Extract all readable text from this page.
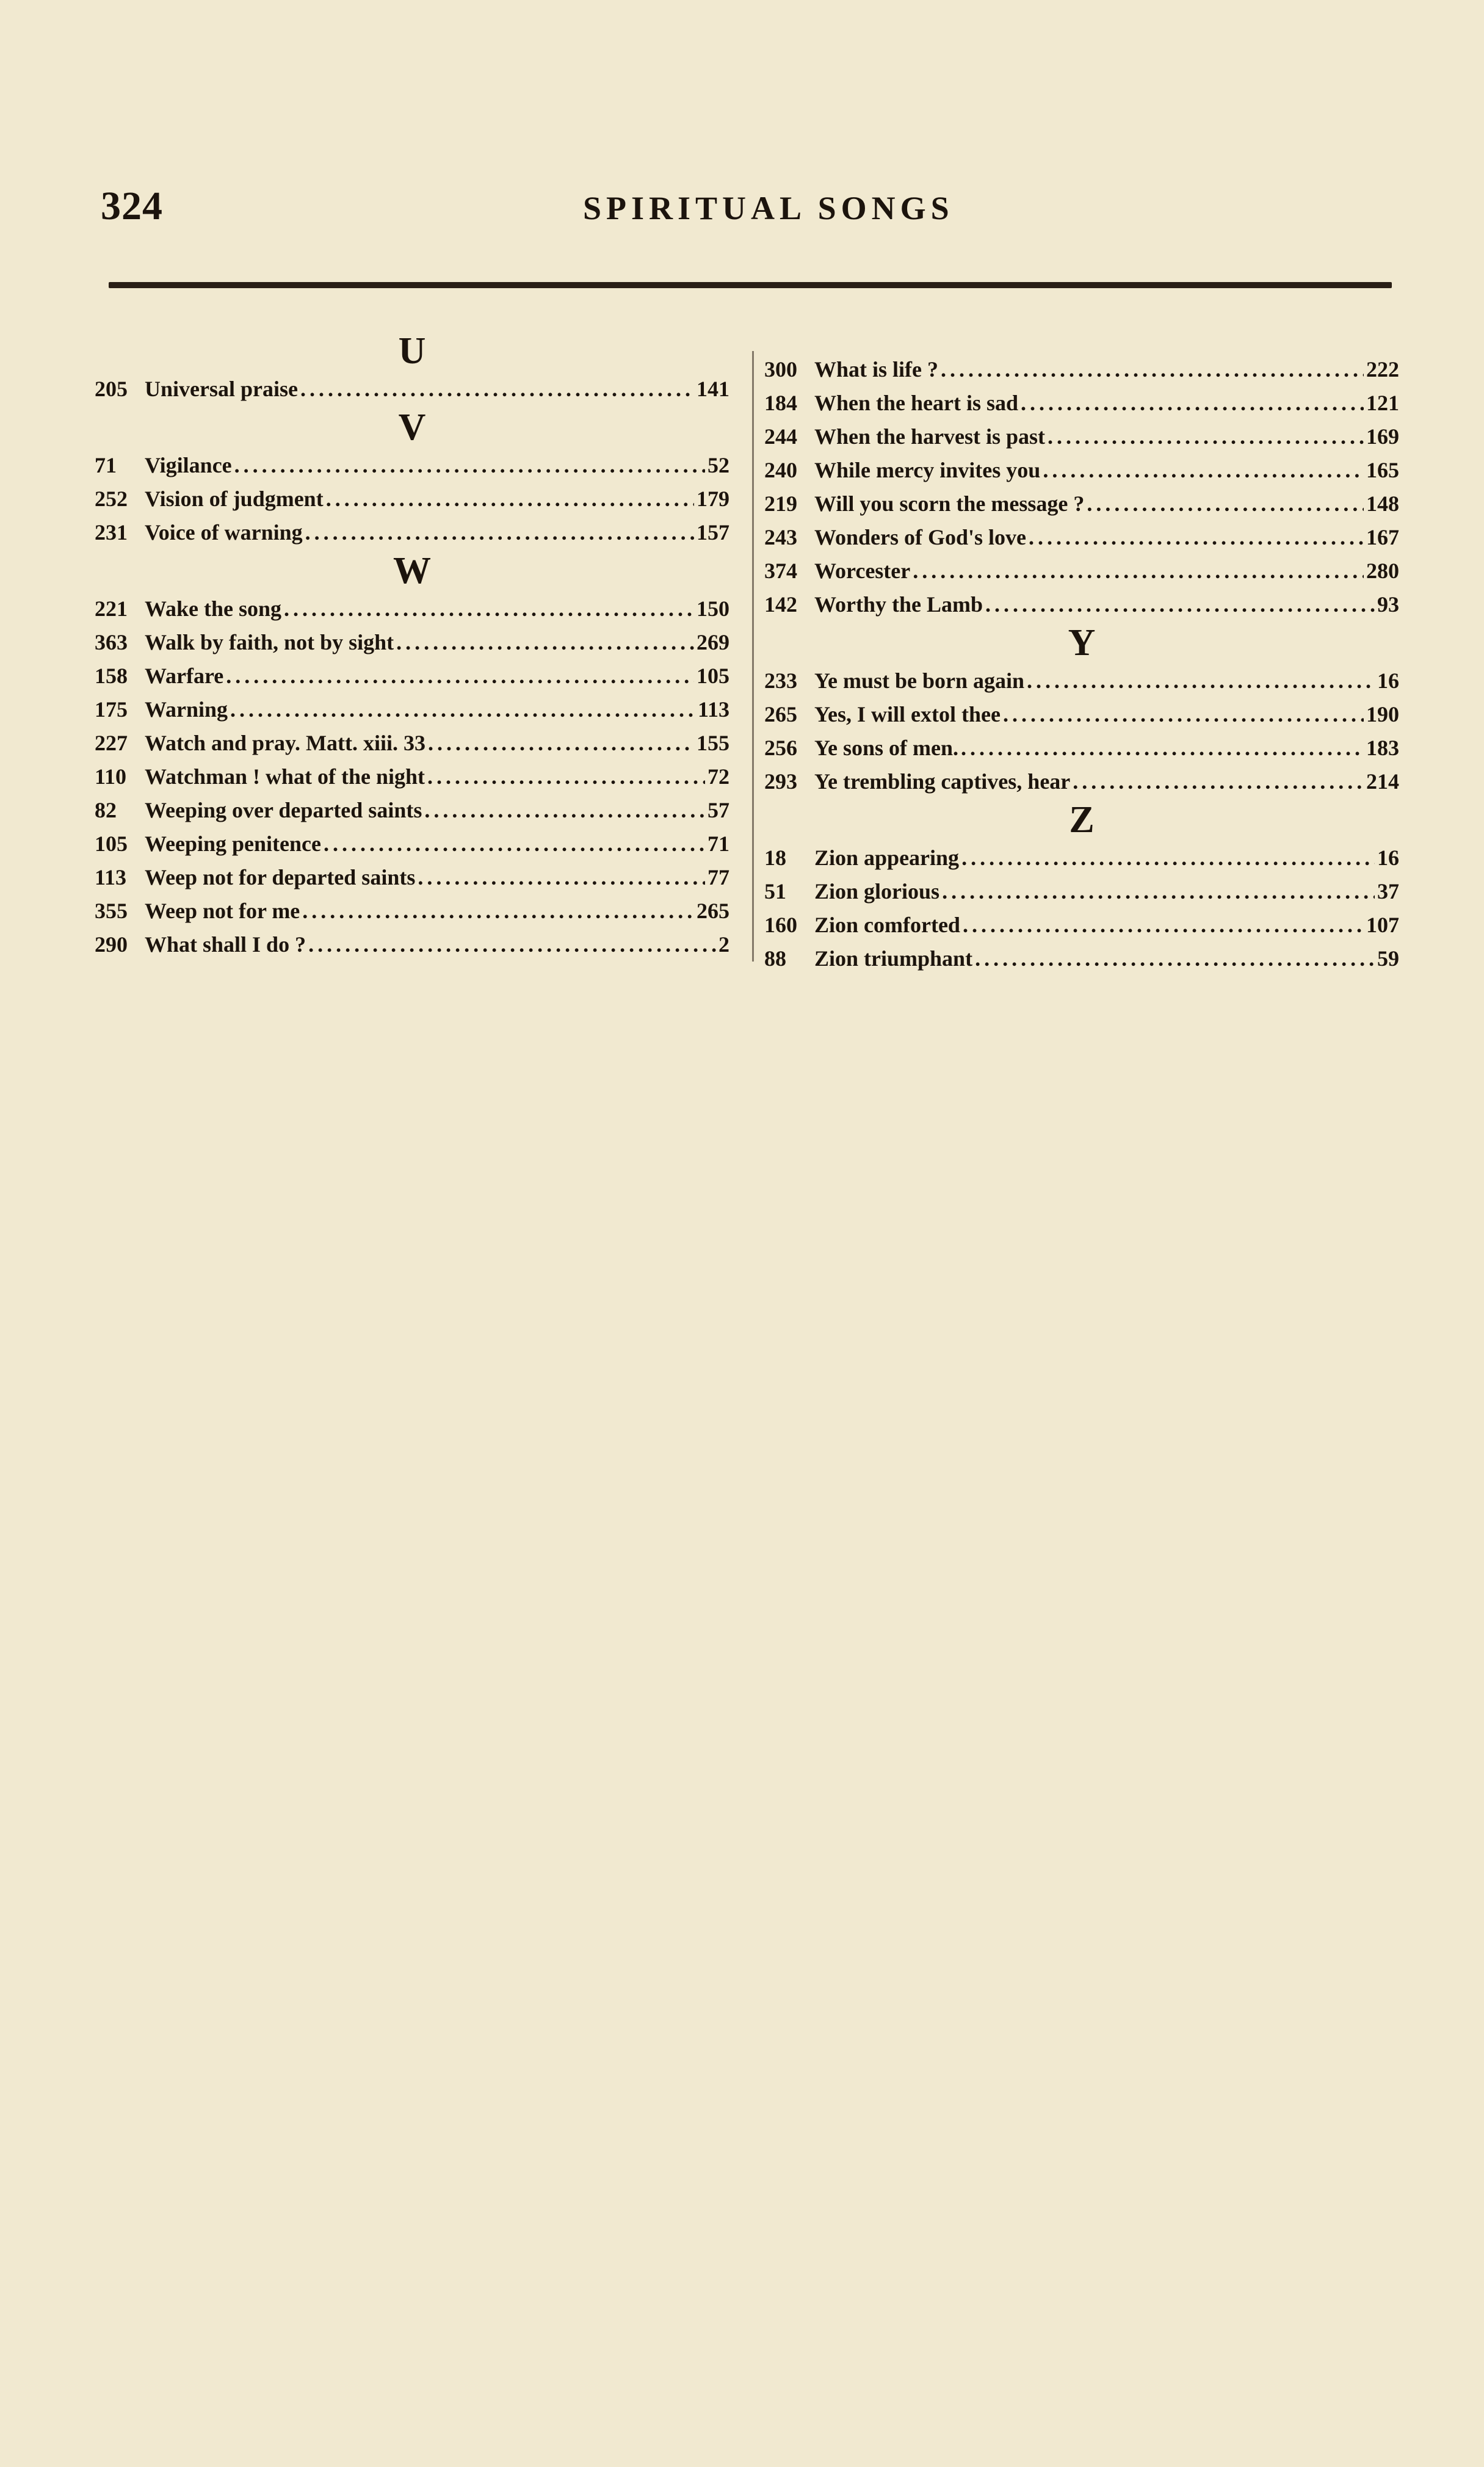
324	SPIRITUAL SONGS
U
205 Universal praise .....	141
V
71	Vigilance .....	52
252 Vision of judgment .....	179
231 Voice of warning .....	157
W
221 Wake the song .....	150
363 Walk by faith, not by sight .....	269
158 Warfare .....	105
175 Warning .....	113
227 Watch and pray. Matt. xiii. 33 .....	155
110 Watchman ! what of the night .....	72
82	Weeping over departed saints .....	57
105 Weeping penitence .....	71
113 Weep not for departed saints .....	77
355 Weep not for me .....	265
290 What shall I do ? .....	2
300 What is life ? .....	222
184 When the heart is sad .....	121
244 When the harvest is past .....	169
240 While mercy invites you .....	165
219 Will you scorn the message ? .....	148
243 Wonders of God's love .....	167
374 Worcester .....	280
142 Worthy the Lamb .....	93
Y
233 Ye must be born again .....	16
265 Yes, I will extol thee .....	190
256 Ye sons of men. .....	183
293 Ye trembling captives, hear .....	214
Z
18	Zion appearing .....	16
51	Zion glorious .....	37
160 Zion comforted .....	107
88	Zion triumphant .....	59
